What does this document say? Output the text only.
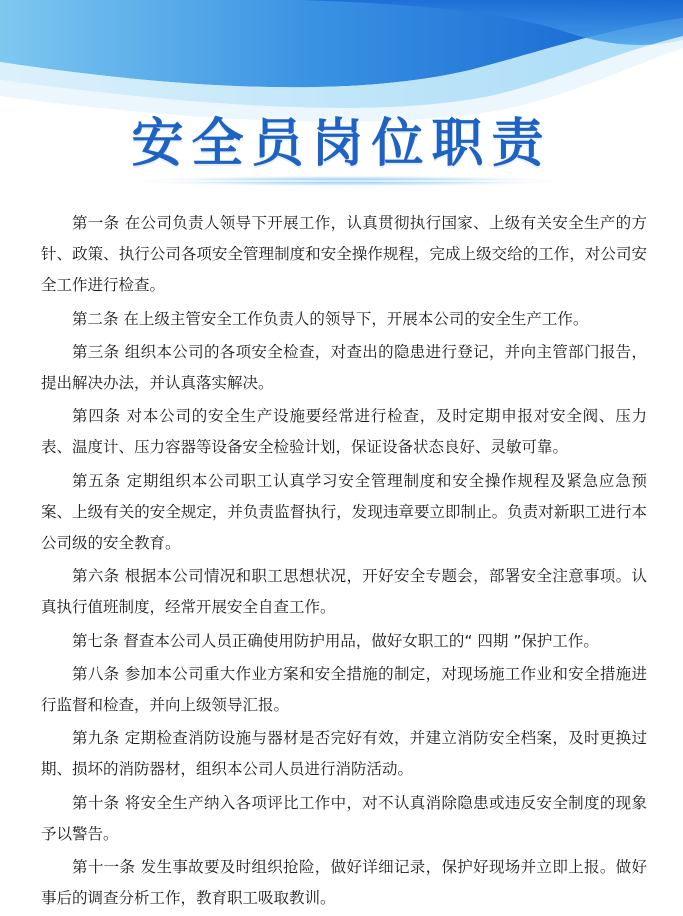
安全员岗位职责

第一条 在公司负责人领导下开展工作，认真贯彻执行国家、上级有关安全生产的方针、政策、执行公司各项安全管理制度和安全操作规程，完成上级交给的工作，对公司安全工作进行检查。

第二条 在上级主管安全工作负责人的领导下，开展本公司的安全生产工作。

第三条 组织本公司的各项安全检查，对查出的隐患进行登记，并向主管部门报告，提出解决办法，并认真落实解决。

第四条 对本公司的安全生产设施要经常进行检查，及时定期申报对安全阀、压力表、温度计、压力容器等设备安全检验计划，保证设备状态良好、灵敏可靠。

第五条 定期组织本公司职工认真学习安全管理制度和安全操作规程及紧急应急预案、上级有关的安全规定，并负责监督执行，发现违章要立即制止。负责对新职工进行本公司级的安全教育。

第六条 根据本公司情况和职工思想状况，开好安全专题会，部署安全注意事项。认真执行值班制度，经常开展安全自查工作。

第七条 督查本公司人员正确使用防护用品，做好女职工的“ 四期 ”保护工作。

第八条 参加本公司重大作业方案和安全措施的制定，对现场施工作业和安全措施进行监督和检查，并向上级领导汇报。

第九条 定期检查消防设施与器材是否完好有效，并建立消防安全档案，及时更换过期、损坏的消防器材，组织本公司人员进行消防活动。

第十条 将安全生产纳入各项评比工作中，对不认真消除隐患或违反安全制度的现象予以警告。

第十一条 发生事故要及时组织抢险，做好详细记录，保护好现场并立即上报。做好事后的调查分析工作，教育职工吸取教训。
